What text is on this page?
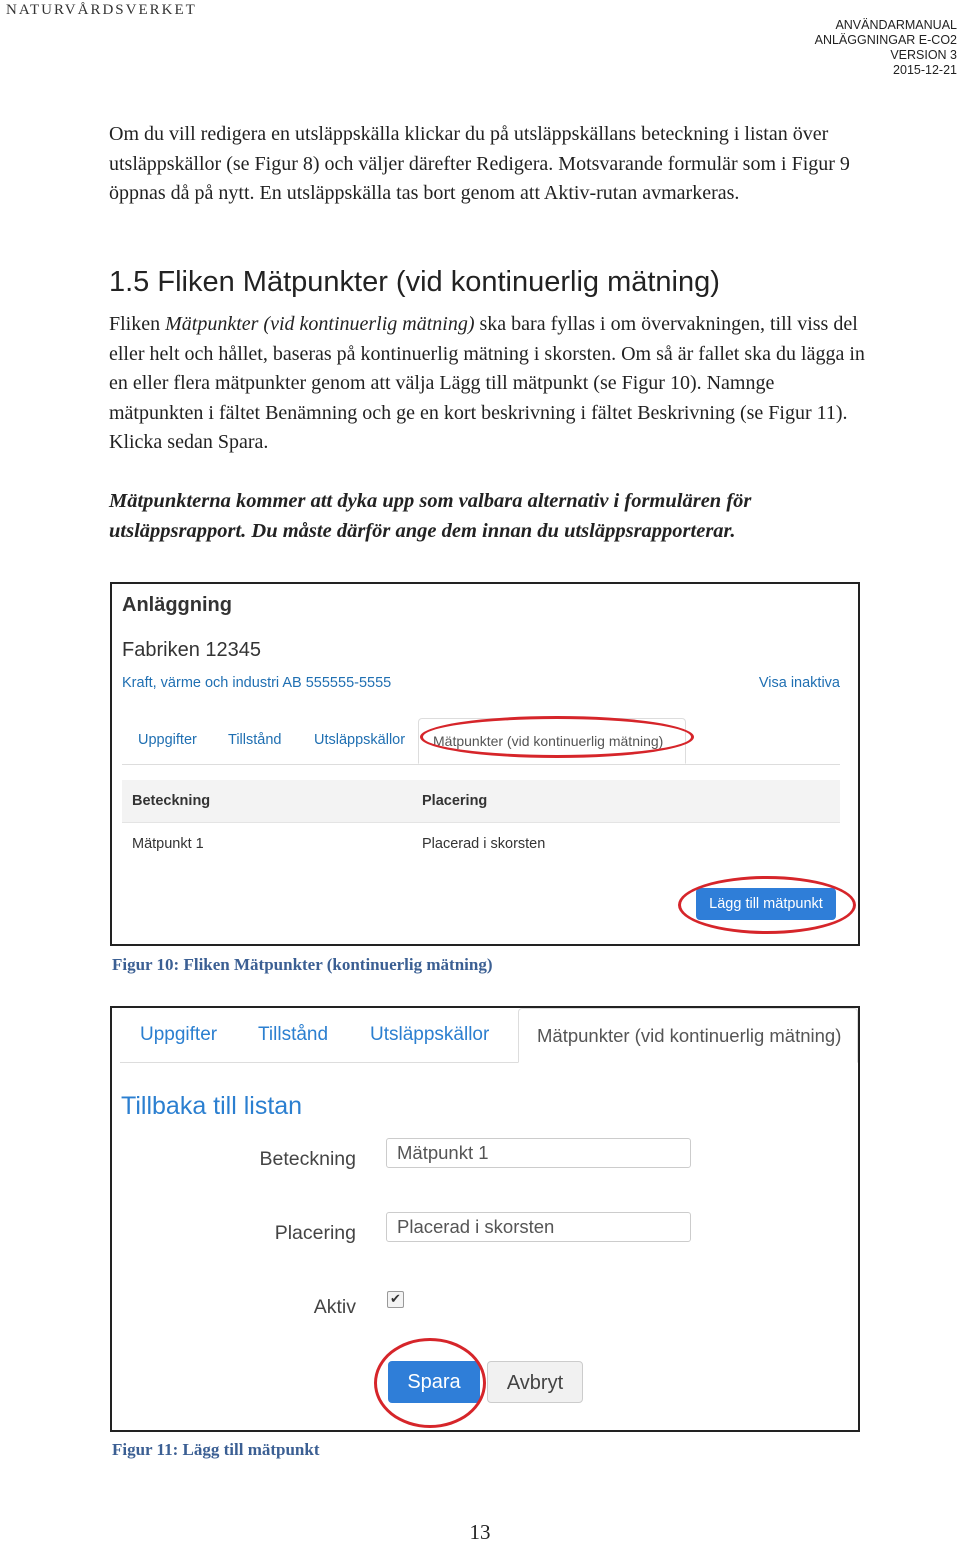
NATURVÅRDSVERKET
ANVÄNDARMANUAL
ANLÄGGNINGAR E-CO2
VERSION 3
2015-12-21
Om du vill redigera en utsläppskälla klickar du på utsläppskällans beteckning i listan över utsläppskällor (se Figur 8) och väljer därefter Redigera. Motsvarande formulär som i Figur 9 öppnas då på nytt. En utsläppskälla tas bort genom att Aktiv-rutan avmarkeras.
1.5 Fliken Mätpunkter (vid kontinuerlig mätning)
Fliken Mätpunkter (vid kontinuerlig mätning) ska bara fyllas i om övervakningen, till viss del eller helt och hållet, baseras på kontinuerlig mätning i skorsten. Om så är fallet ska du lägga in en eller flera mätpunkter genom att välja Lägg till mätpunkt (se Figur 10). Namnge mätpunkten i fältet Benämning och ge en kort beskrivning i fältet Beskrivning (se Figur 11). Klicka sedan Spara.
Mätpunkterna kommer att dyka upp som valbara alternativ i formulären för utsläppsrapport. Du måste därför ange dem innan du utsläppsrapporterar.
Anläggning
Fabriken 12345
Kraft, värme och industri AB 555555-5555	Visa inaktiva
Uppgifter Tillstånd Utsläppskällor Mätpunkter (vid kontinuerlig mätning)
Beteckning	Placering
Mätpunkt 1	Placerad i skorsten
Lägg till mätpunkt
Figur 10: Fliken Mätpunkter (kontinuerlig mätning)
Uppgifter Tillstånd Utsläppskällor	Mätpunkter (vid kontinuerlig mätning)
Tillbaka till listan
Beteckning	Mätpunkt 1
Placering	Placerad i skorsten
Aktiv	✔
Spara	Avbryt
Figur 11: Lägg till mätpunkt
13
